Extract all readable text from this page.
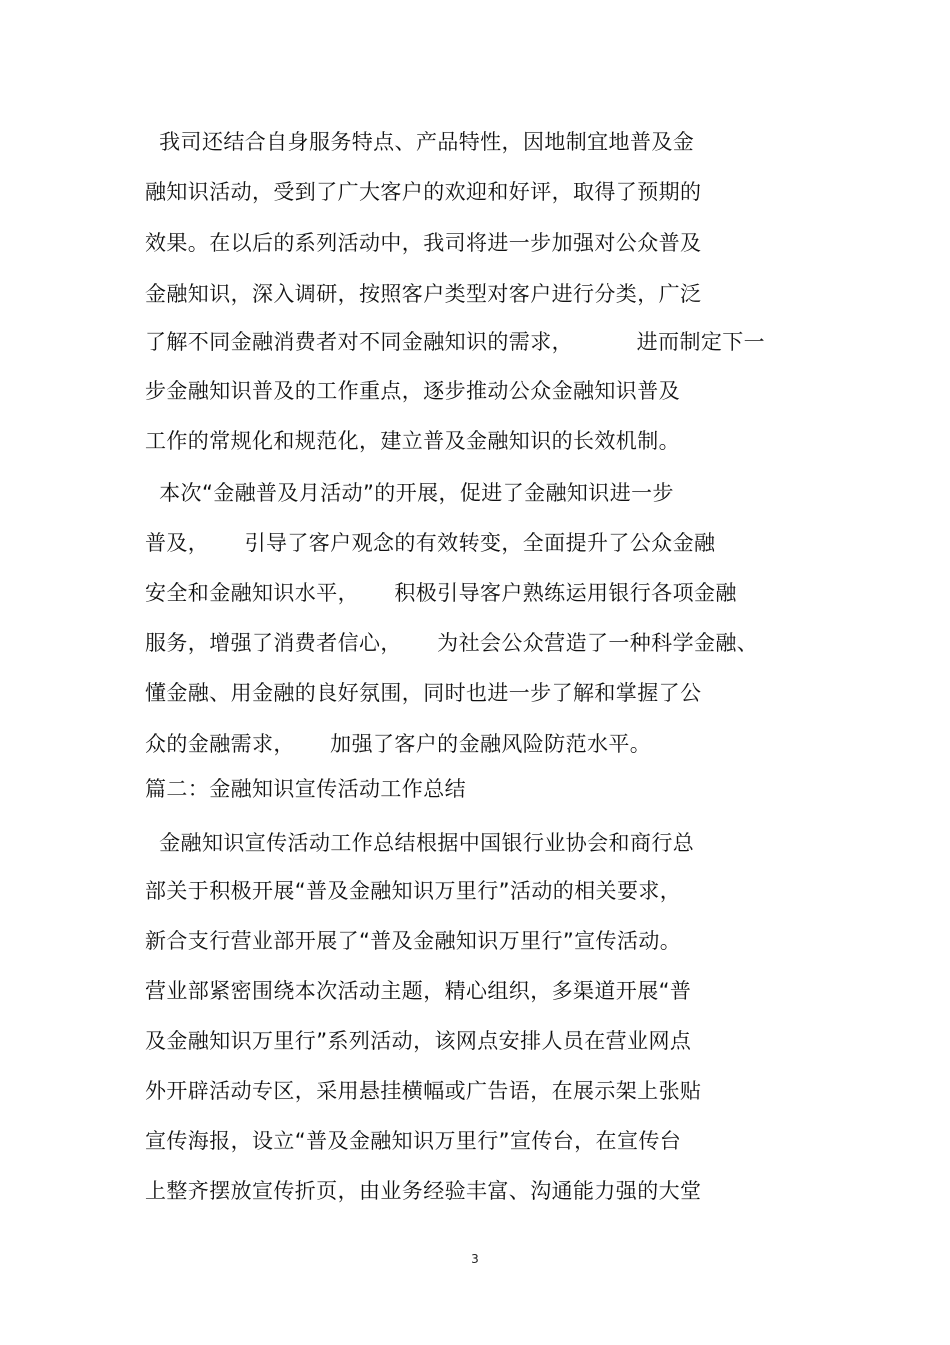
我司还结合自身服务特点、产品特性，因地制宜地普及金
融知识活动，受到了广大客户的欢迎和好评，取得了预期的
效果。在以后的系列活动中，我司将进一步加强对公众普及
金融知识，深入调研，按照客户类型对客户进行分类，广泛
了解不同金融消费者对不同金融知识的需求，         进而制定下一
步金融知识普及的工作重点，逐步推动公众金融知识普及
工作的常规化和规范化，建立普及金融知识的长效机制。
本次“金融普及月活动”的开展，促进了金融知识进一步
普及，     引导了客户观念的有效转变，全面提升了公众金融
安全和金融知识水平，     积极引导客户熟练运用银行各项金融
服务，增强了消费者信心，     为社会公众营造了一种科学金融、
懂金融、用金融的良好氛围，同时也进一步了解和掌握了公
众的金融需求，     加强了客户的金融风险防范水平。
篇二：金融知识宣传活动工作总结
金融知识宣传活动工作总结根据中国银行业协会和商行总
部关于积极开展“普及金融知识万里行”活动的相关要求，
新合支行营业部开展了“普及金融知识万里行”宣传活动。
营业部紧密围绕本次活动主题，精心组织，多渠道开展“普
及金融知识万里行”系列活动，该网点安排人员在营业网点
外开辟活动专区，采用悬挂横幅或广告语，在展示架上张贴
宣传海报，设立“普及金融知识万里行”宣传台，在宣传台
上整齐摆放宣传折页，由业务经验丰富、沟通能力强的大堂
3
